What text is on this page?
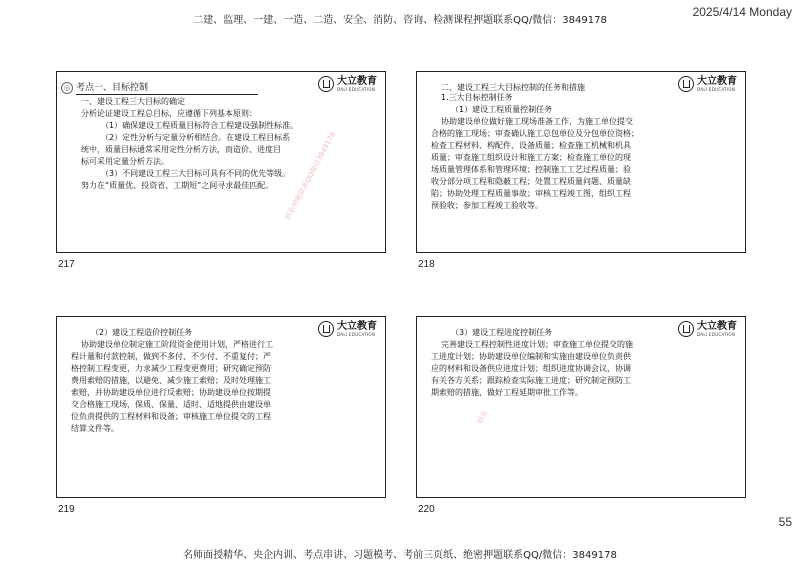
二建、监理、一建、一造、二造、安全、消防、咨询、检测课程押题联系QQ/微信：3849178
2025/4/14 Monday
◎ 考点一、目标控制
大立教育
DALI EDUCATION

一、建设工程三大目标的确定

分析论证建设工程总目标，应遵循下列基本原则：

（1）确保建设工程质量目标符合工程建设强制性标准。

（2）定性分析与定量分析相结合。在建设工程目标系

统中，质量目标通常采用定性分析方法，而造价、进度目

标可采用定量分析方法。

（3）不同建设工程三大目标可具有不同的优先等级。

努力在“质量优、投资省、工期短”之间寻求最佳匹配。	联系押题联系QQ微信3849178
217
大立教育
DALI EDUCATION

二、建设工程三大目标控制的任务和措施

1.三大目标控制任务

（1）建设工程质量控制任务

协助建设单位做好施工现场准备工作，为施工单位提交

合格的施工现场；审查确认施工总包单位及分包单位资格；

检查工程材料、构配件、设备质量；检查施工机械和机具

质量；审查施工组织设计和施工方案；检查施工单位的现

场质量管理体系和管理环境；控制施工工艺过程质量；验

收分部分项工程和隐蔽工程；处置工程质量问题、质量缺

陷；协助处理工程质量事故；审核工程竣工图，组织工程

预验收；参加工程竣工验收等。

218
大立教育
DALI EDUCATION

（2）建设工程造价控制任务

协助建设单位制定施工阶段资金使用计划，严格进行工

程计量和付款控制，做到不多付、不少付、不重复付；严

格控制工程变更，力求减少工程变更费用；研究确定预防

费用索赔的措施，以避免、减少施工索赔；及时处理施工

索赔，并协助建设单位进行反索赔；协助建设单位按期提

交合格施工现场，保质、保量、适时、适地提供由建设单

位负责提供的工程材料和设备；审核施工单位提交的工程

结算文件等。

219
大立教育
DALI EDUCATION

（3）建设工程进度控制任务

完善建设工程控制性进度计划；审查施工单位提交的施

工进度计划；协助建设单位编制和实施由建设单位负责供

应的材料和设备供应进度计划；组织进度协调会议，协调

有关各方关系；跟踪检查实际施工进度；研究制定预防工

期索赔的措施，做好工程延期审批工作等。

联系
220
55
名师面授精华、央企内训、考点串讲、习题模考、考前三页纸、绝密押题联系QQ/微信：3849178
